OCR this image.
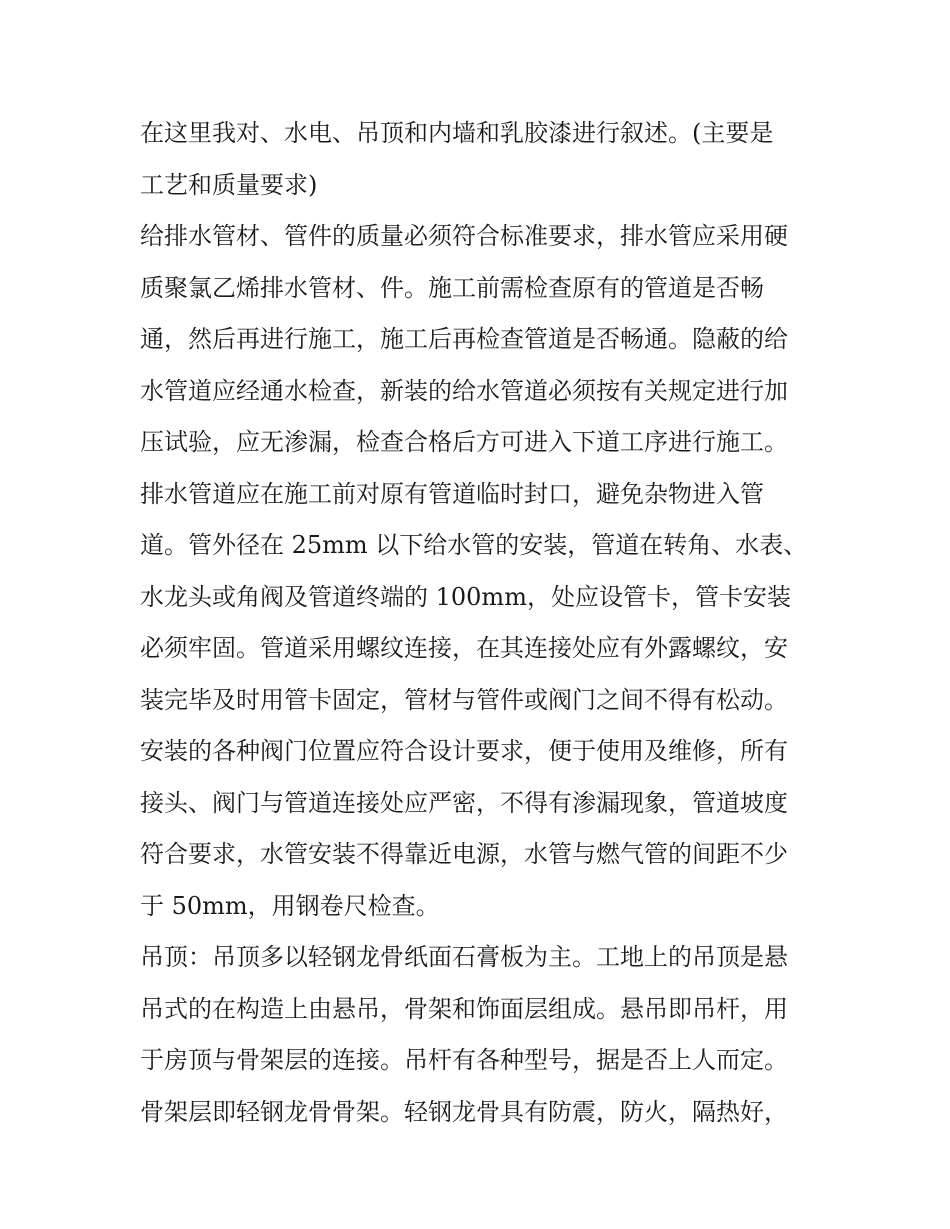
在这里我对、水电、吊顶和内墙和乳胶漆进行叙述。(主要是
工艺和质量要求)
给排水管材、管件的质量必须符合标准要求，排水管应采用硬
质聚氯乙烯排水管材、件。施工前需检查原有的管道是否畅
通，然后再进行施工，施工后再检查管道是否畅通。隐蔽的给
水管道应经通水检查，新装的给水管道必须按有关规定进行加
压试验，应无渗漏，检查合格后方可进入下道工序进行施工。
排水管道应在施工前对原有管道临时封口，避免杂物进入管
道。管外径在 25mm 以下给水管的安装，管道在转角、水表、
水龙头或角阀及管道终端的 100mm，处应设管卡，管卡安装
必须牢固。管道采用螺纹连接，在其连接处应有外露螺纹，安
装完毕及时用管卡固定，管材与管件或阀门之间不得有松动。
安装的各种阀门位置应符合设计要求，便于使用及维修，所有
接头、阀门与管道连接处应严密，不得有渗漏现象，管道坡度
符合要求，水管安装不得靠近电源，水管与燃气管的间距不少
于 50mm，用钢卷尺检查。
吊顶：吊顶多以轻钢龙骨纸面石膏板为主。工地上的吊顶是悬
吊式的在构造上由悬吊，骨架和饰面层组成。悬吊即吊杆，用
于房顶与骨架层的连接。吊杆有各种型号，据是否上人而定。
骨架层即轻钢龙骨骨架。轻钢龙骨具有防震，防火，隔热好，
